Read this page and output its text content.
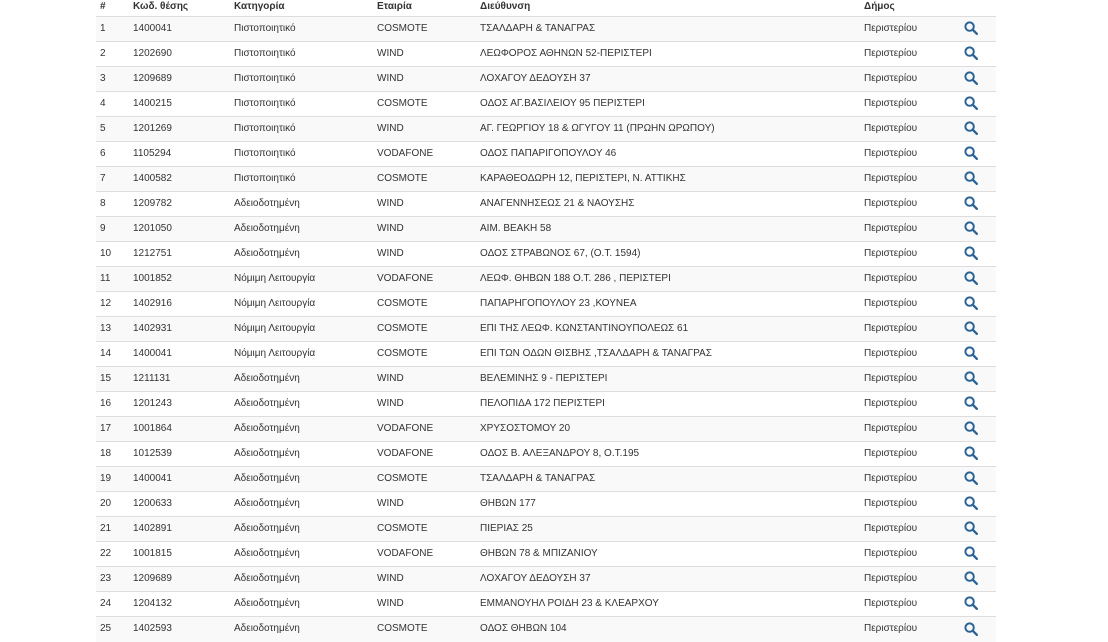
#	Κωδ. θέσης	Κατηγορία	Εταιρία	Διεύθυνση	Δήμος	
1	1400041	Πιστοποιητικό	COSMOTE	ΤΣΑΛΔΑΡΗ & ΤΑΝΑΓΡΑΣ	Περιστερίου	
2	1202690	Πιστοποιητικό	WIND	ΛΕΩΦΟΡΟΣ ΑΘΗΝΩΝ 52-ΠΕΡΙΣΤΕΡΙ	Περιστερίου	
3	1209689	Πιστοποιητικό	WIND	ΛΟΧΑΓΟΥ ΔΕΔΟΥΣΗ 37	Περιστερίου	
4	1400215	Πιστοποιητικό	COSMOTE	ΟΔΟΣ ΑΓ.ΒΑΣΙΛΕΙΟΥ 95 ΠΕΡΙΣΤΕΡΙ	Περιστερίου	
5	1201269	Πιστοποιητικό	WIND	ΑΓ. ΓΕΩΡΓΙΟΥ 18 & ΩΓΥΓΟΥ 11 (ΠΡΩΗΝ ΩΡΩΠΟΥ)	Περιστερίου	
6	1105294	Πιστοποιητικό	VODAFONE	ΟΔΟΣ ΠΑΠΑΡΙΓΟΠΟΥΛΟΥ 46	Περιστερίου	
7	1400582	Πιστοποιητικό	COSMOTE	ΚΑΡΑΘΕΟΔΩΡΗ 12, ΠΕΡΙΣΤΕΡΙ, Ν. ΑΤΤΙΚΗΣ	Περιστερίου	
8	1209782	Αδειοδοτημένη	WIND	ΑΝΑΓΕΝΝΗΣΕΩΣ 21 & ΝΑΟΥΣΗΣ	Περιστερίου	
9	1201050	Αδειοδοτημένη	WIND	ΑΙΜ. ΒΕΑΚΗ 58	Περιστερίου	
10	1212751	Αδειοδοτημένη	WIND	ΟΔΟΣ ΣΤΡΑΒΩΝΟΣ 67, (Ο.Τ. 1594)	Περιστερίου	
11	1001852	Νόμιμη Λειτουργία	VODAFONE	ΛΕΩΦ. ΘΗΒΩΝ 188 Ο.Τ. 286 , ΠΕΡΙΣΤΕΡΙ	Περιστερίου	
12	1402916	Νόμιμη Λειτουργία	COSMOTE	ΠΑΠΑΡΗΓΟΠΟΥΛΟΥ 23 ,ΚΟΥΝΕΑ	Περιστερίου	
13	1402931	Νόμιμη Λειτουργία	COSMOTE	ΕΠΙ ΤΗΣ ΛΕΩΦ. ΚΩΝΣΤΑΝΤΙΝΟΥΠΟΛΕΩΣ 61	Περιστερίου	
14	1400041	Νόμιμη Λειτουργία	COSMOTE	ΕΠΙ ΤΩΝ ΟΔΩΝ ΘΙΣΒΗΣ ,ΤΣΑΛΔΑΡΗ & ΤΑΝΑΓΡΑΣ	Περιστερίου	
15	1211131	Αδειοδοτημένη	WIND	ΒΕΛΕΜΙΝΗΣ 9 - ΠΕΡΙΣΤΕΡΙ	Περιστερίου	
16	1201243	Αδειοδοτημένη	WIND	ΠΕΛΟΠΙΔΑ 172 ΠΕΡΙΣΤΕΡΙ	Περιστερίου	
17	1001864	Αδειοδοτημένη	VODAFONE	ΧΡΥΣΟΣΤΟΜΟΥ 20	Περιστερίου	
18	1012539	Αδειοδοτημένη	VODAFONE	ΟΔΟΣ Β. ΑΛΕΞΑΝΔΡΟΥ 8, Ο.Τ.195	Περιστερίου	
19	1400041	Αδειοδοτημένη	COSMOTE	ΤΣΑΛΔΑΡΗ & ΤΑΝΑΓΡΑΣ	Περιστερίου	
20	1200633	Αδειοδοτημένη	WIND	ΘΗΒΩΝ 177	Περιστερίου	
21	1402891	Αδειοδοτημένη	COSMOTE	ΠΙΕΡΙΑΣ 25	Περιστερίου	
22	1001815	Αδειοδοτημένη	VODAFONE	ΘΗΒΩΝ 78 & ΜΠΙΖΑΝΙΟΥ	Περιστερίου	
23	1209689	Αδειοδοτημένη	WIND	ΛΟΧΑΓΟΥ ΔΕΔΟΥΣΗ 37	Περιστερίου	
24	1204132	Αδειοδοτημένη	WIND	ΕΜΜΑΝΟΥΗΛ ΡΟΙΔΗ 23 & ΚΛΕΑΡΧΟΥ	Περιστερίου	
25	1402593	Αδειοδοτημένη	COSMOTE	ΟΔΟΣ ΘΗΒΩΝ 104	Περιστερίου	
